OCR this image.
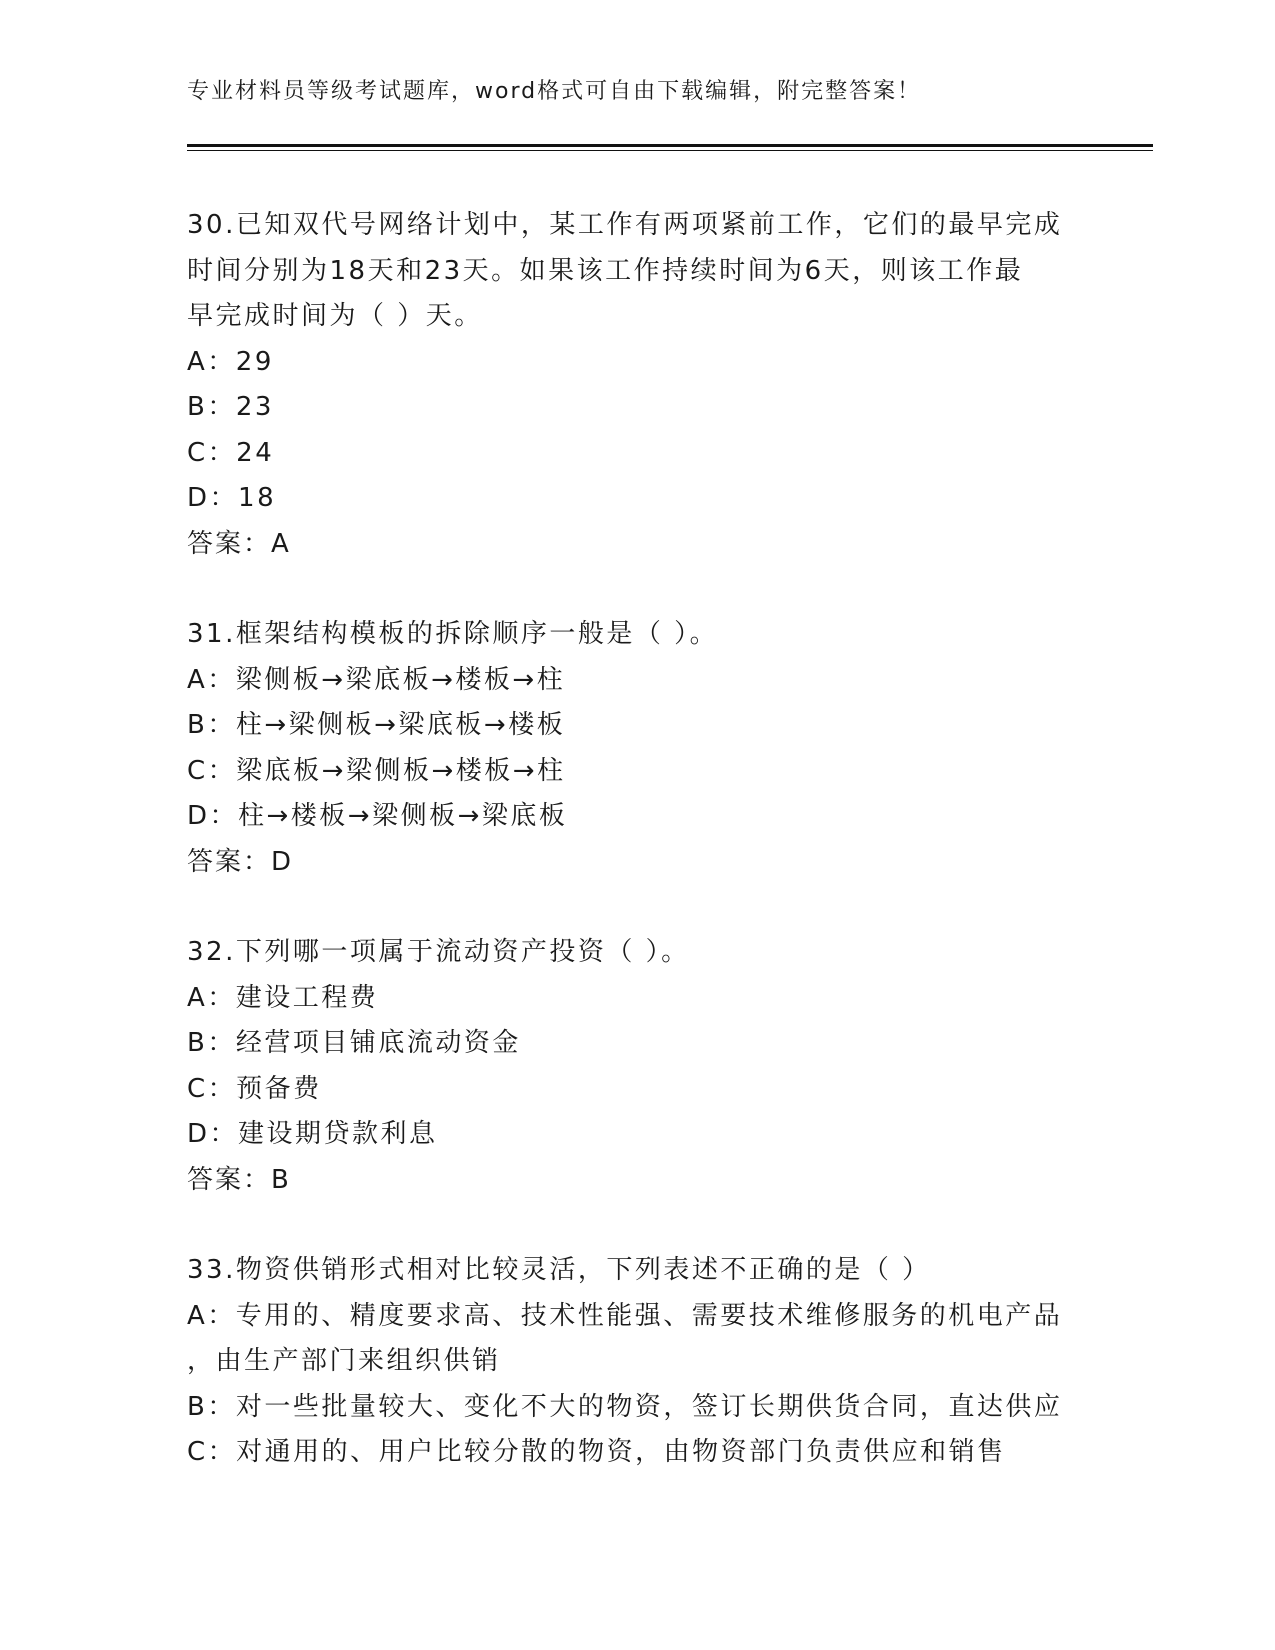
专业材料员等级考试题库，word格式可自由下载编辑，附完整答案！
30.已知双代号网络计划中，某工作有两项紧前工作，它们的最早完成
时间分别为18天和23天。如果该工作持续时间为6天，则该工作最
早完成时间为（ ）天。
A：29
B：23
C：24
D：18
答案：A
31.框架结构模板的拆除顺序一般是（ ）。
A：梁侧板→梁底板→楼板→柱
B：柱→梁侧板→梁底板→楼板
C：梁底板→梁侧板→楼板→柱
D：柱→楼板→梁侧板→梁底板
答案：D
32.下列哪一项属于流动资产投资（ ）。
A：建设工程费
B：经营项目铺底流动资金
C：预备费
D：建设期贷款利息
答案：B
33.物资供销形式相对比较灵活，下列表述不正确的是（ ）
A：专用的、精度要求高、技术性能强、需要技术维修服务的机电产品
，由生产部门来组织供销
B：对一些批量较大、变化不大的物资，签订长期供货合同，直达供应
C：对通用的、用户比较分散的物资，由物资部门负责供应和销售
